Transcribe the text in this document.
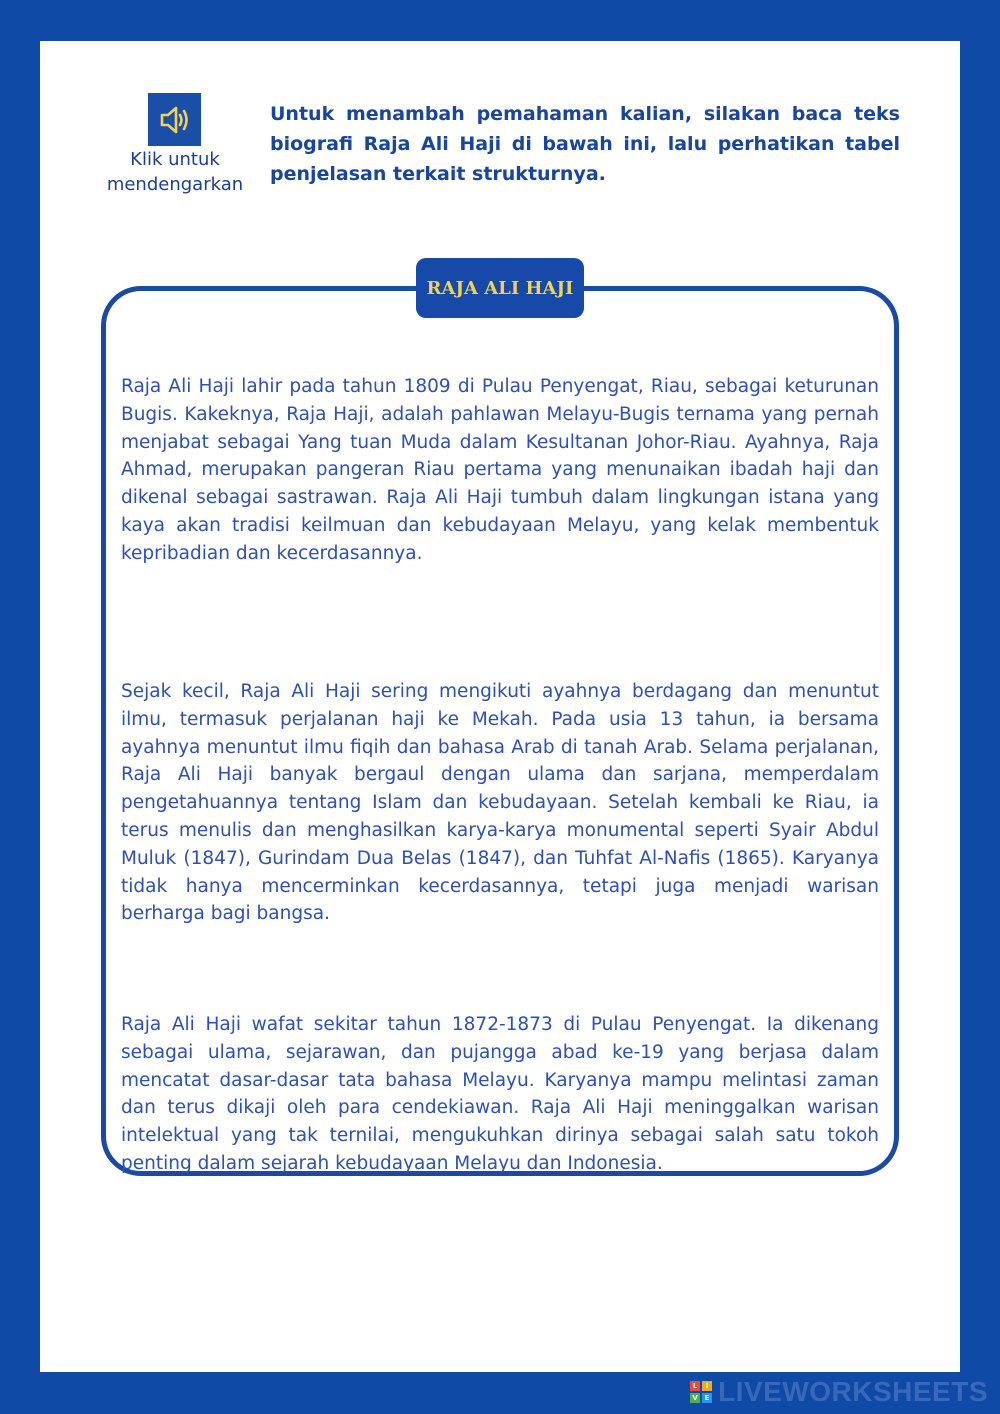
Klik untuk
mendengarkan
Untuk menambah pemahaman kalian, silakan baca teks biografi Raja Ali Haji di bawah ini, lalu perhatikan tabel penjelasan terkait strukturnya.
RAJA ALI HAJI

Raja Ali Haji lahir pada tahun 1809 di Pulau Penyengat, Riau, sebagai keturunan Bugis. Kakeknya, Raja Haji, adalah pahlawan Melayu-Bugis ternama yang pernah menjabat sebagai Yang tuan Muda dalam Kesultanan Johor-Riau. Ayahnya, Raja Ahmad, merupakan pangeran Riau pertama yang menunaikan ibadah haji dan dikenal sebagai sastrawan. Raja Ali Haji tumbuh dalam lingkungan istana yang kaya akan tradisi keilmuan dan kebudayaan Melayu, yang kelak membentuk kepribadian dan kecerdasannya.

Sejak kecil, Raja Ali Haji sering mengikuti ayahnya berdagang dan menuntut ilmu, termasuk perjalanan haji ke Mekah. Pada usia 13 tahun, ia bersama ayahnya menuntut ilmu fiqih dan bahasa Arab di tanah Arab. Selama perjalanan, Raja Ali Haji banyak bergaul dengan ulama dan sarjana, memperdalam pengetahuannya tentang Islam dan kebudayaan. Setelah kembali ke Riau, ia terus menulis dan menghasilkan karya-karya monumental seperti Syair Abdul Muluk (1847), Gurindam Dua Belas (1847), dan Tuhfat Al-Nafis (1865). Karyanya tidak hanya mencerminkan kecerdasannya, tetapi juga menjadi warisan berharga bagi bangsa.

Raja Ali Haji wafat sekitar tahun 1872-1873 di Pulau Penyengat. Ia dikenang sebagai ulama, sejarawan, dan pujangga abad ke-19 yang berjasa dalam mencatat dasar-dasar tata bahasa Melayu. Karyanya mampu melintasi zaman dan terus dikaji oleh para cendekiawan. Raja Ali Haji meninggalkan warisan intelektual yang tak ternilai, mengukuhkan dirinya sebagai salah satu tokoh penting dalam sejarah kebudayaan Melayu dan Indonesia.

L	I
V E LIVEWORKSHEETS
